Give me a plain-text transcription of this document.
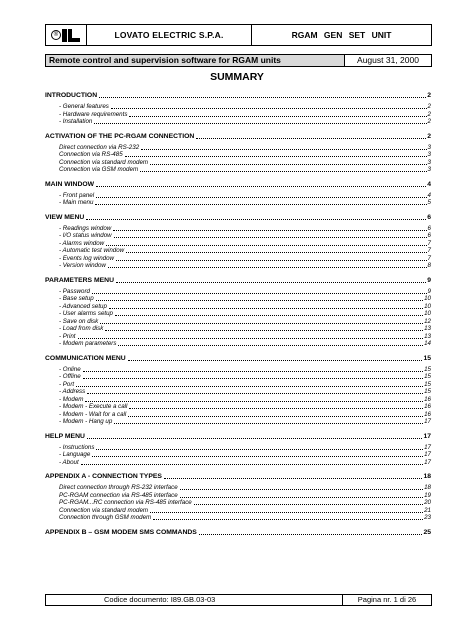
®	LOVATO ELECTRIC S.P.A.	RGAM GEN SET UNIT
Remote control and supervision software for RGAM units	August 31, 2000
SUMMARY
INTRODUCTION	2
- General features	2
- Hardware requirements	2
- Installation	2
ACTIVATION OF THE PC-RGAM CONNECTION	2
Direct connection via RS-232	3
Connection via RS-485	3
Connection via standard modem	3
Connection via GSM modem	3
MAIN WINDOW	4
- Front panel	4
- Main menu	5
VIEW MENU	6
- Readings window	6
- I/O status window	6
- Alarms window	7
- Automatic test window	7
- Events log window	7
- Version window	8
PARAMETERS MENU	9
- Password	9
- Base setup	10
- Advanced setup	10
- User alarms setup	10
- Save on disk	12
- Load from disk	13
- Print	13
- Modem parameters	14
COMMUNICATION MENU	15
- Online	15
- Offline	15
- Port	15
- Address	15
- Modem	16
- Modem - Execute a call	16
- Modem - Wait for a call	16
- Modem - Hang up	17
HELP MENU	17
- Instructions	17
- Language	17
- About	17
APPENDIX A - CONNECTION TYPES	18
Direct connection through RS-232 interface	18
PC-RGAM connection via RS-485 interface	19
PC-RGAM...RC connection via RS-485 interface	20
Connection via standard modem	21
Connection through GSM modem	23
APPENDIX B – GSM MODEM SMS COMMANDS	25
Codice documento: I89.GB.03-03	Pagina nr. 1 di 26
